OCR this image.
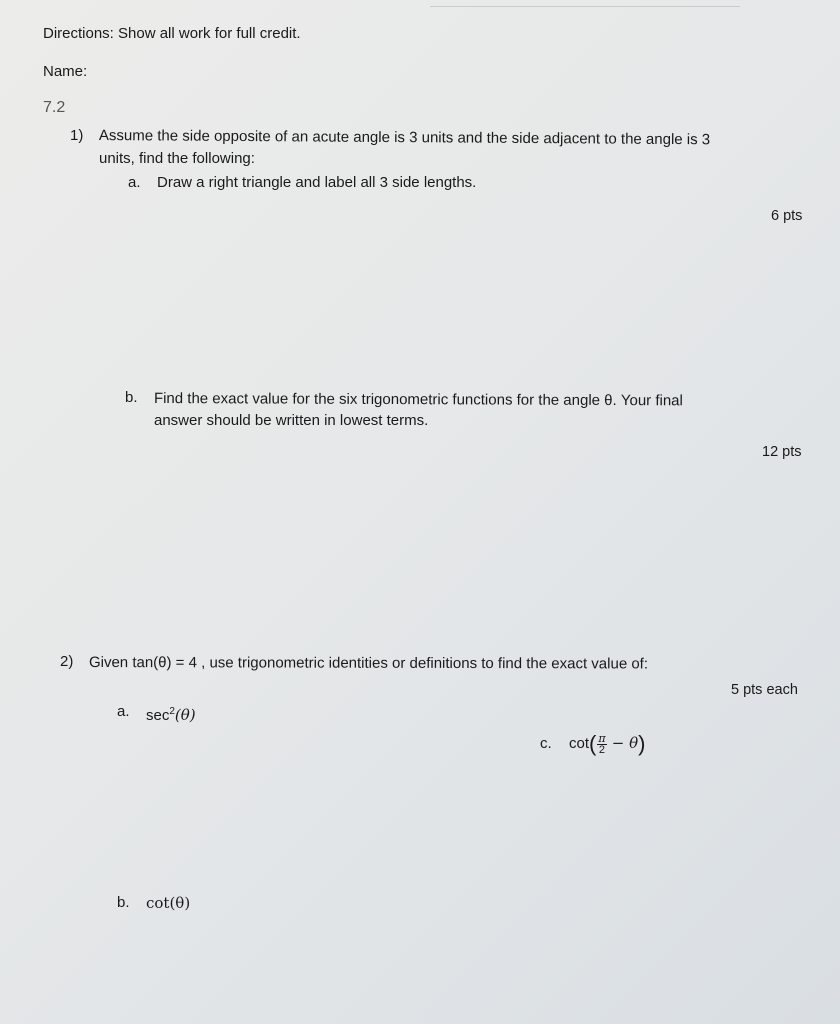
Directions: Show all work for full credit.
Name:
7.2
1) Assume the side opposite of an acute angle is 3 units and the side adjacent to the angle is 3
units, find the following:
a. Draw a right triangle and label all 3 side lengths.
6 pts
b. Find the exact value for the six trigonometric functions for the angle θ. Your final
answer should be written in lowest terms.
12 pts
2) Given tan(θ) = 4 , use trigonometric identities or definitions to find the exact value of:
5 pts each
a. $\sec^2(\theta)$
c. $\cot( \frac{\pi}{2} - \theta)$
b. cot(θ)
